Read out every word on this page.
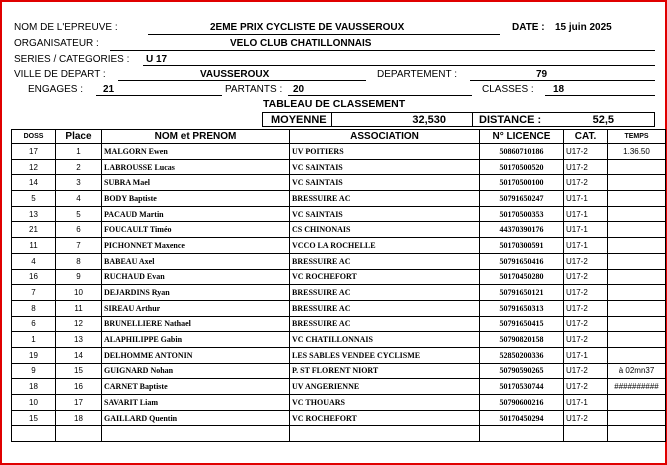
NOM DE L'EPREUVE :	2EME PRIX CYCLISTE DE VAUSSEROUX	DATE : 15 juin 2025
ORGANISATEUR :	VELO CLUB CHATILLONNAIS
SERIES / CATEGORIES : U 17
VILLE DE DEPART :	VAUSSEROUX	DEPARTEMENT :	79
ENGAGES : 21	PARTANTS : 20	CLASSES : 18
TABLEAU DE CLASSEMENT
MOYENNE	32,530	DISTANCE :	52,5
DOSS	Place	NOM et PRENOM	ASSOCIATION	N° LICENCE	CAT.	TEMPS
17	1	MALGORN Ewen	UV POITIERS	50860710186	U17-2	1.36.50
12	2	LABROUSSE Lucas	VC SAINTAIS	50170500520	U17-2	
14	3	SUBRA Mael	VC SAINTAIS	50170500100	U17-2	
5	4	BODY Baptiste	BRESSUIRE AC	50791650247	U17-1	
13	5	PACAUD Martin	VC SAINTAIS	50170500353	U17-1	
21	6	FOUCAULT Timéo	CS CHINONAIS	44370390176	U17-1	
11	7	PICHONNET Maxence	VCCO LA ROCHELLE	50170300591	U17-1	
4	8	BABEAU Axel	BRESSUIRE AC	50791650416	U17-2	
16	9	RUCHAUD Evan	VC ROCHEFORT	50170450280	U17-2	
7	10	DEJARDINS Ryan	BRESSUIRE AC	50791650121	U17-2	
8	11	SIREAU Arthur	BRESSUIRE AC	50791650313	U17-2	
6	12	BRUNELLIERE Nathael	BRESSUIRE AC	50791650415	U17-2	
1	13	ALAPHILIPPE Gabin	VC CHATILLONNAIS	50790820158	U17-2	
19	14	DELHOMME ANTONIN	LES SABLES VENDEE CYCLISME	52850200336	U17-1	
9	15	GUIGNARD Nohan	P. ST FLORENT NIORT	50790590265	U17-2	à 02mn37
18	16	CARNET Baptiste	UV ANGERIENNE	50170530744	U17-2	##########
10	17	SAVARIT Liam	VC THOUARS	50790600216	U17-1	
15	18	GAILLARD Quentin	VC ROCHEFORT	50170450294	U17-2	
